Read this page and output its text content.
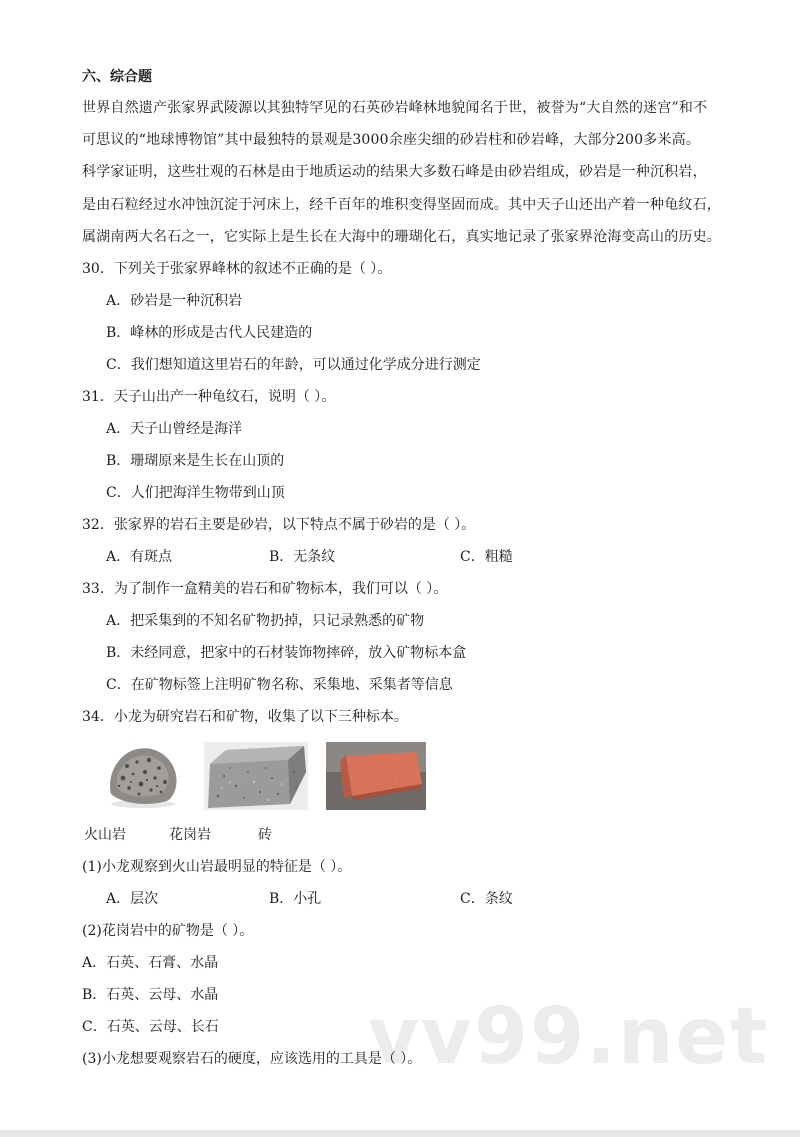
六、综合题
世界自然遗产张家界武陵源以其独特罕见的石英砂岩峰林地貌闻名于世，被誉为“大自然的迷宫”和不
可思议的“地球博物馆”其中最独特的景观是3000余座尖细的砂岩柱和砂岩峰，大部分200多米高。
科学家证明，这些壮观的石林是由于地质运动的结果大多数石峰是由砂岩组成，砂岩是一种沉积岩，
是由石粒经过水冲蚀沉淀于河床上，经千百年的堆积变得坚固而成。其中天子山还出产着一种龟纹石，
属湖南两大名石之一，它实际上是生长在大海中的珊瑚化石，真实地记录了张家界沧海变高山的历史。
30．下列关于张家界峰林的叙述不正确的是（ ）。
A．砂岩是一种沉积岩
B．峰林的形成是古代人民建造的
C．我们想知道这里岩石的年龄，可以通过化学成分进行测定
31．天子山出产一种龟纹石，说明（ ）。
A．天子山曾经是海洋
B．珊瑚原来是生长在山顶的
C．人们把海洋生物带到山顶
32．张家界的岩石主要是砂岩，以下特点不属于砂岩的是（ ）。
A．有斑点	B．无条纹	C．粗糙
33．为了制作一盒精美的岩石和矿物标本，我们可以（ ）。
A．把采集到的不知名矿物扔掉，只记录熟悉的矿物
B．未经同意，把家中的石材装饰物摔碎，放入矿物标本盒
C．在矿物标签上注明矿物名称、采集地、采集者等信息
34．小龙为研究岩石和矿物，收集了以下三种标本。
火山岩	花岗岩	砖
(1)小龙观察到火山岩最明显的特征是（ ）。
A．层次	B．小孔	C．条纹
(2)花岗岩中的矿物是（ ）。
A．石英、石膏、水晶
B．石英、云母、水晶
C．石英、云母、长石
(3)小龙想要观察岩石的硬度，应该选用的工具是（ ）。
vv99.net
